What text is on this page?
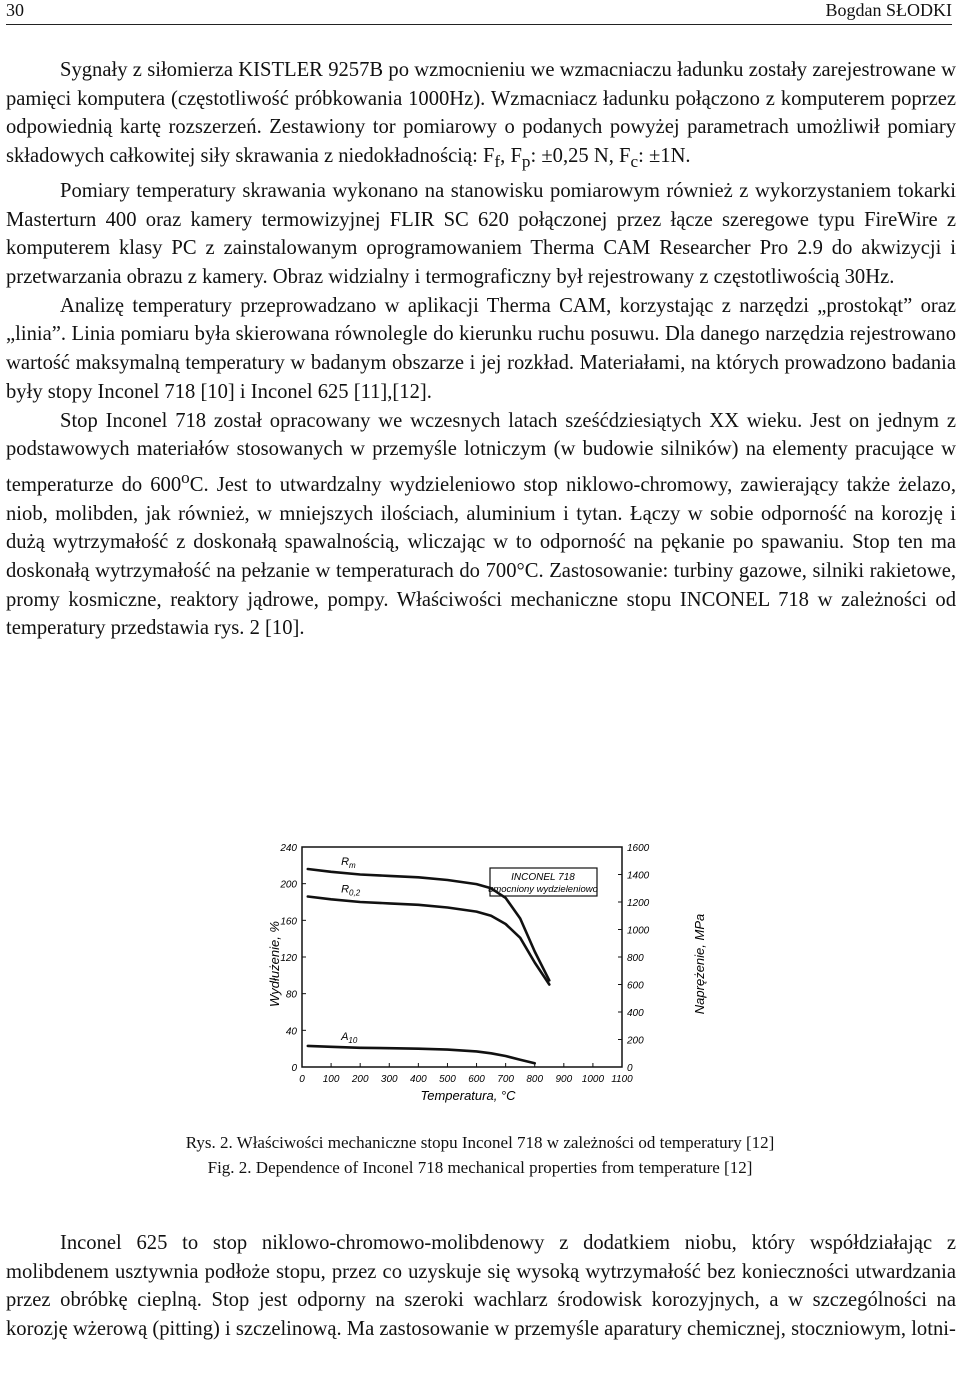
30	Bogdan SŁODKI

Sygnały z siłomierza KISTLER 9257B po wzmocnieniu we wzmacniaczu ładunku zostały zarejestrowane w pamięci komputera (częstotliwość próbkowania 1000Hz). Wzmacniacz ładunku połączono z komputerem poprzez odpowiednią kartę rozszerzeń. Zestawiony tor pomiarowy o podanych powyżej parametrach umożliwił pomiary składowych całkowitej siły skrawania z niedokładnością: $F_f$, $F_p$: ±0,25 N, $F_c$: ±1N.

Pomiary temperatury skrawania wykonano na stanowisku pomiarowym również z wykorzystaniem tokarki Masterturn 400 oraz kamery termowizyjnej FLIR SC 620 połączonej przez łącze szeregowe typu FireWire z komputerem klasy PC z zainstalowanym oprogramowaniem Therma CAM Researcher Pro 2.9 do akwizycji i przetwarzania obrazu z kamery. Obraz widzialny i termograficzny był rejestrowany z częstotliwością 30Hz.

Analizę temperatury przeprowadzano w aplikacji Therma CAM, korzystając z narzędzi „prostokąt” oraz „linia”. Linia pomiaru była skierowana równolegle do kierunku ruchu posuwu. Dla danego narzędzia rejestrowano wartość maksymalną temperatury w badanym obszarze i jej rozkład. Materiałami, na których prowadzono badania były stopy Inconel 718 [10] i Inconel 625 [11],[12].

Stop Inconel 718 został opracowany we wczesnych latach sześćdziesiątych XX wieku. Jest on jednym z podstawowych materiałów stosowanych w przemyśle lotniczym (w budowie silników) na elementy pracujące w temperaturze do 600$^o$C. Jest to utwardzalny wydzieleniowo stop niklowo-chromowy, zawierający także żelazo, niob, molibden, jak również, w mniejszych ilościach, aluminium i tytan. Łączy w sobie odporność na korozję i dużą wytrzymałość z doskonałą spawalnością, wliczając w to odporność na pękanie po spawaniu. Stop ten ma doskonałą wytrzymałość na pełzanie w temperaturach do 700°C. Zastosowanie: turbiny gazowe, silniki rakietowe, promy kosmiczne, reaktory jądrowe, pompy. Właściwości mechaniczne stopu INCONEL 718 w zależności od temperatury przedstawia rys. 2 [10].

Wydłużenie, %	Naprężenie, MPa
Temperatura, °C
INCONEL 718
umocniony wydzieleniowo
0 100 200 300 400 500 600 700 800 900 1000 1100
0
40
80
120
160
200
240
0
200
400
600
800
1000
1200
1400
1600
$R_m$
$R_{0,2}$
$A_{10}$
Rys. 2. Właściwości mechaniczne stopu Inconel 718 w zależności od temperatury [12]
Fig. 2. Dependence of Inconel 718 mechanical properties from temperature [12]

Inconel 625 to stop niklowo-chromowo-molibdenowy z dodatkiem niobu, który współdziałając z molibdenem usztywnia podłoże stopu, przez co uzyskuje się wysoką wytrzymałość bez konieczności utwardzania przez obróbkę cieplną. Stop jest odporny na szeroki wachlarz środowisk korozyjnych, a w szczególności na korozję wżerową (pitting) i szczelinową. Ma zastosowanie w przemyśle aparatury chemicznej, stoczniowym, lotni-
